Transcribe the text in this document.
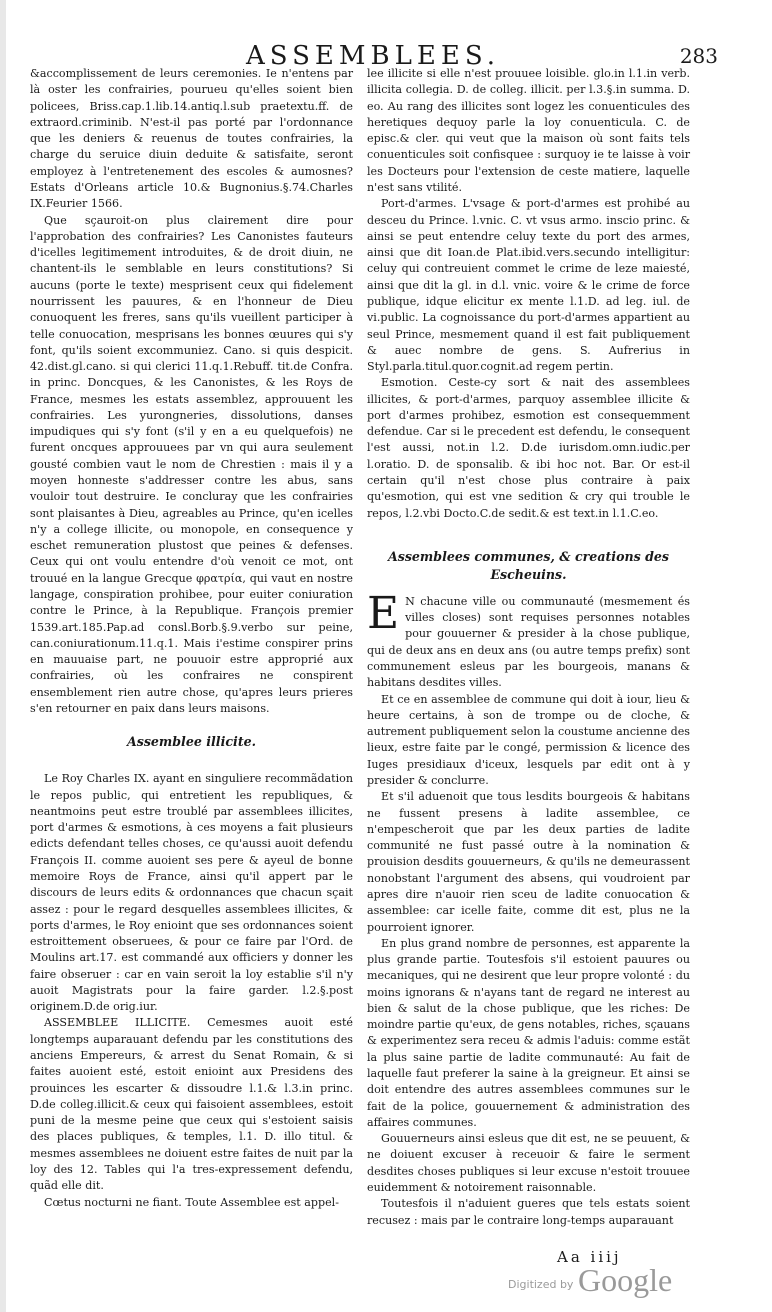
ASSEMBLEES.	283

&accomplissement de leurs ceremonies. Ie n'entens par là oster les confrairies, pourueu qu'elles soient bien policees, Briss.cap.1.lib.14.antiq.l.sub praetextu.ff. de extraord.criminib. N'est-il pas porté par l'ordonnance que les deniers & reuenus de toutes confrairies, la charge du seruice diuin deduite & satisfaite, seront employez à l'entretenement des escoles & aumosnes? Estats d'Orleans article 10.& Bugnonius.§.74.Charles IX.Feurier 1566.

Que sçauroit-on plus clairement dire pour l'approbation des confrairies? Les Canonistes fauteurs d'icelles legitimement introduites, & de droit diuin, ne chantent-ils le semblable en leurs constitutions? Si aucuns (porte le texte) mesprisent ceux qui fidelement nourrissent les pauures, & en l'honneur de Dieu conuoquent les freres, sans qu'ils vueillent participer à telle conuocation, mesprisans les bonnes œuures qui s'y font, qu'ils soient excommuniez. Cano. si quis despicit. 42.dist.gl.cano. si qui clerici 11.q.1.Rebuff. tit.de Confra. in princ. Doncques, & les Canonistes, & les Roys de France, mesmes les estats assemblez, approuuent les confrairies. Les yurongneries, dissolutions, danses impudiques qui s'y font (s'il y en a eu quelquefois) ne furent oncques approuuees par vn qui aura seulement gousté combien vaut le nom de Chrestien : mais il y a moyen honneste s'addresser contre les abus, sans vouloir tout destruire. Ie concluray que les confrairies sont plaisantes à Dieu, agreables au Prince, qu'en icelles n'y a college illicite, ou monopole, en consequence y eschet remuneration plustost que peines & defenses. Ceux qui ont voulu entendre d'où venoit ce mot, ont trouué en la langue Grecque φρατρία, qui vaut en nostre langage, conspiration prohibee, pour euiter coniuration contre le Prince, à la Republique. François premier 1539.art.185.Pap.ad consl.Borb.§.9.verbo sur peine, can.coniurationum.11.q.1. Mais i'estime conspirer prins en mauuaise part, ne pouuoir estre approprié aux confrairies, où les confraires ne conspirent ensemblement rien autre chose, qu'apres leurs prieres s'en retourner en paix dans leurs maisons.

Assemblee illicite.

Le Roy Charles IX. ayant en singuliere recommãdation le repos public, qui entretient les republiques, & neantmoins peut estre troublé par assemblees illicites, port d'armes & esmotions, à ces moyens a fait plusieurs edicts defendant telles choses, ce qu'aussi auoit defendu François II. comme auoient ses pere & ayeul de bonne memoire Roys de France, ainsi qu'il appert par le discours de leurs edits & ordonnances que chacun sçait assez : pour le regard desquelles assemblees illicites, & ports d'armes, le Roy enioint que ses ordonnances soient estroittement obseruees, & pour ce faire par l'Ord. de Moulins art.17. est commandé aux officiers y donner les faire obseruer : car en vain seroit la loy establie s'il n'y auoit Magistrats pour la faire garder. l.2.§.post originem.D.de orig.iur.

ASSEMBLEE ILLICITE. Cemesmes auoit esté longtemps auparauant defendu par les constitutions des anciens Empereurs, & arrest du Senat Romain, & si faites auoient esté, estoit enioint aux Presidens des prouinces les escarter & dissoudre l.1.& l.3.in princ. D.de colleg.illicit.& ceux qui faisoient assemblees, estoit puni de la mesme peine que ceux qui s'estoient saisis des places publiques, & temples, l.1. D. illo titul. & mesmes assemblees ne doiuent estre faites de nuit par la loy des 12. Tables qui l'a tres-expressement defendu, quãd elle dit.

Cœtus nocturni ne fiant. Toute Assemblee est appel-

lee illicite si elle n'est prouuee loisible. glo.in l.1.in verb. illicita collegia. D. de colleg. illicit. per l.3.§.in summa. D. eo. Au rang des illicites sont logez les conuenticules des heretiques dequoy parle la loy conuenticula. C. de episc.& cler. qui veut que la maison où sont faits tels conuenticules soit confisquee : surquoy ie te laisse à voir les Docteurs pour l'extension de ceste matiere, laquelle n'est sans vtilité.

Port-d'armes. L'vsage & port-d'armes est prohibé au desceu du Prince. l.vnic. C. vt vsus armo. inscio princ. & ainsi se peut entendre celuy texte du port des armes, ainsi que dit Ioan.de Plat.ibid.vers.secundo intelligitur: celuy qui contreuient commet le crime de leze maiesté, ainsi que dit la gl. in d.l. vnic. voire & le crime de force publique, idque elicitur ex mente l.1.D. ad leg. iul. de vi.public. La cognoissance du port-d'armes appartient au seul Prince, mesmement quand il est fait publiquement & auec nombre de gens. S. Aufrerius in Styl.parla.titul.quor.cognit.ad regem pertin.

Esmotion. Ceste-cy sort & nait des assemblees illicites, & port-d'armes, parquoy assemblee illicite & port d'armes prohibez, esmotion est consequemment defendue. Car si le precedent est defendu, le consequent l'est aussi, not.in l.2. D.de iurisdom.omn.iudic.per l.oratio. D. de sponsalib. & ibi hoc not. Bar. Or est-il certain qu'il n'est chose plus contraire à paix qu'esmotion, qui est vne sedition & cry qui trouble le repos, l.2.vbi Docto.C.de sedit.& est text.in l.1.C.eo.

Assemblees communes, & creations des Escheuins.

E N chacune ville ou communauté (mesmement és villes closes) sont requises personnes notables pour gouuerner & presider à la chose publique, qui de deux ans en deux ans (ou autre temps prefix) sont communement esleus par les bourgeois, manans & habitans desdites villes.

Et ce en assemblee de commune qui doit à iour, lieu & heure certains, à son de trompe ou de cloche, & autrement publiquement selon la coustume ancienne des lieux, estre faite par le congé, permission & licence des Iuges presidiaux d'iceux, lesquels par edit ont à y presider & conclurre.

Et s'il aduenoit que tous lesdits bourgeois & habitans ne fussent presens à ladite assemblee, ce n'empescheroit que par les deux parties de ladite communité ne fust passé outre à la nomination & prouision desdits gouuerneurs, & qu'ils ne demeurassent nonobstant l'argument des absens, qui voudroient par apres dire n'auoir rien sceu de ladite conuocation & assemblee: car icelle faite, comme dit est, plus ne la pourroient ignorer.

En plus grand nombre de personnes, est apparente la plus grande partie. Toutesfois s'il estoient pauures ou mecaniques, qui ne desirent que leur propre volonté : du moins ignorans & n'ayans tant de regard ne interest au bien & salut de la chose publique, que les riches: De moindre partie qu'eux, de gens notables, riches, sçauans & experimentez sera receu & admis l'aduis: comme estãt la plus saine partie de ladite communauté: Au fait de laquelle faut preferer la saine à la greigneur. Et ainsi se doit entendre des autres assemblees communes sur le fait de la police, gouuernement & administration des affaires communes.

Gouuerneurs ainsi esleus que dit est, ne se peuuent, & ne doiuent excuser à receuoir & faire le serment desdites choses publiques si leur excuse n'estoit trouuee euidemment & notoirement raisonnable.

Toutesfois il n'aduient gueres que tels estats soient recusez : mais par le contraire long-temps auparauant

Aa iiij
Digitized by Google
